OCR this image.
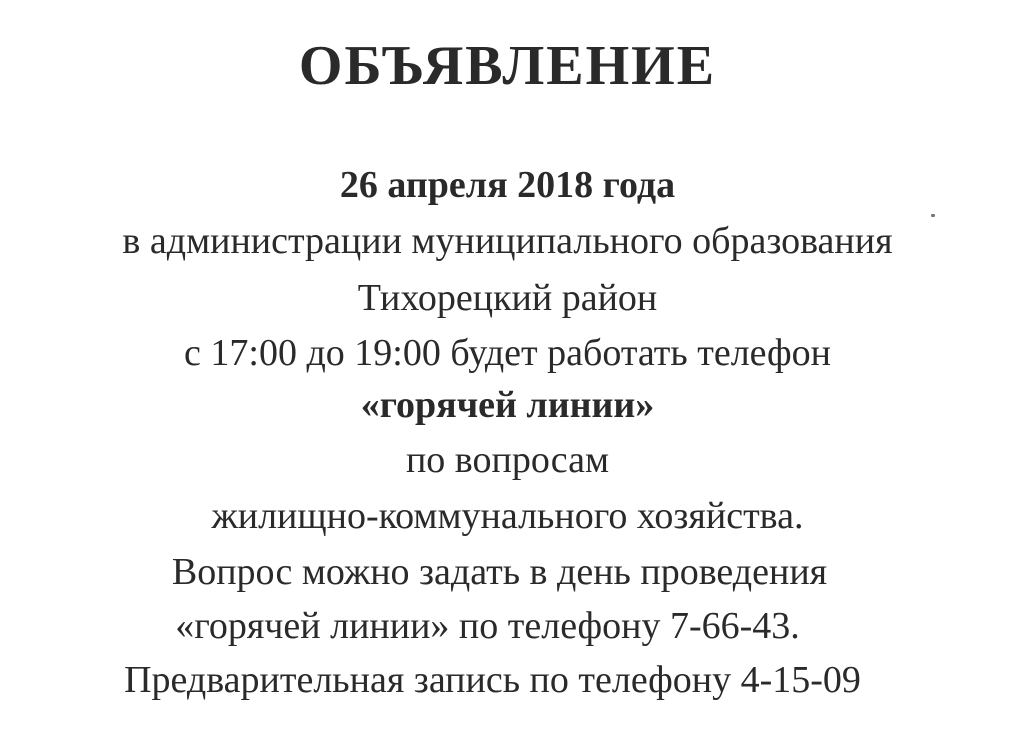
ОБЪЯВЛЕНИЕ
26 апреля 2018 года
в администрации муниципального образования
Тихорецкий район
с 17:00 до 19:00 будет работать телефон
«горячей линии»
по вопросам
жилищно-коммунального хозяйства.
Вопрос можно задать в день проведения
«горячей линии» по телефону 7-66-43.
Предварительная запись по телефону 4-15-09
